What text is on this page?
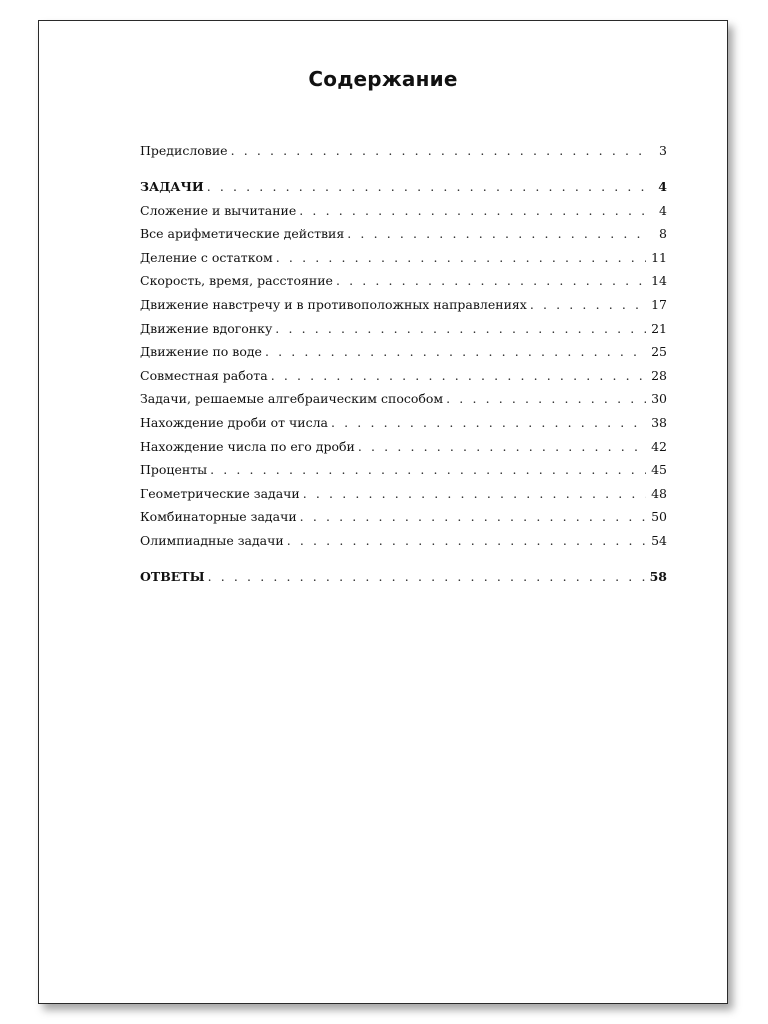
Содержание
Предисловие . . .	3
ЗАДАЧИ . . .	4
Сложение и вычитание . . .	4
Все арифметические действия . . .	8
Деление с остатком . . .	11
Скорость, время, расстояние . . .	14
Движение навстречу и в противоположных направлениях . . .	17
Движение вдогонку . . .	21
Движение по воде . . .	25
Совместная работа . . .	28
Задачи, решаемые алгебраическим способом . . .	30
Нахождение дроби от числа . . .	38
Нахождение числа по его дроби . . .	42
Проценты . . .	45
Геометрические задачи . . .	48
Комбинаторные задачи . . .	50
Олимпиадные задачи . . .	54
ОТВЕТЫ . . .	58
